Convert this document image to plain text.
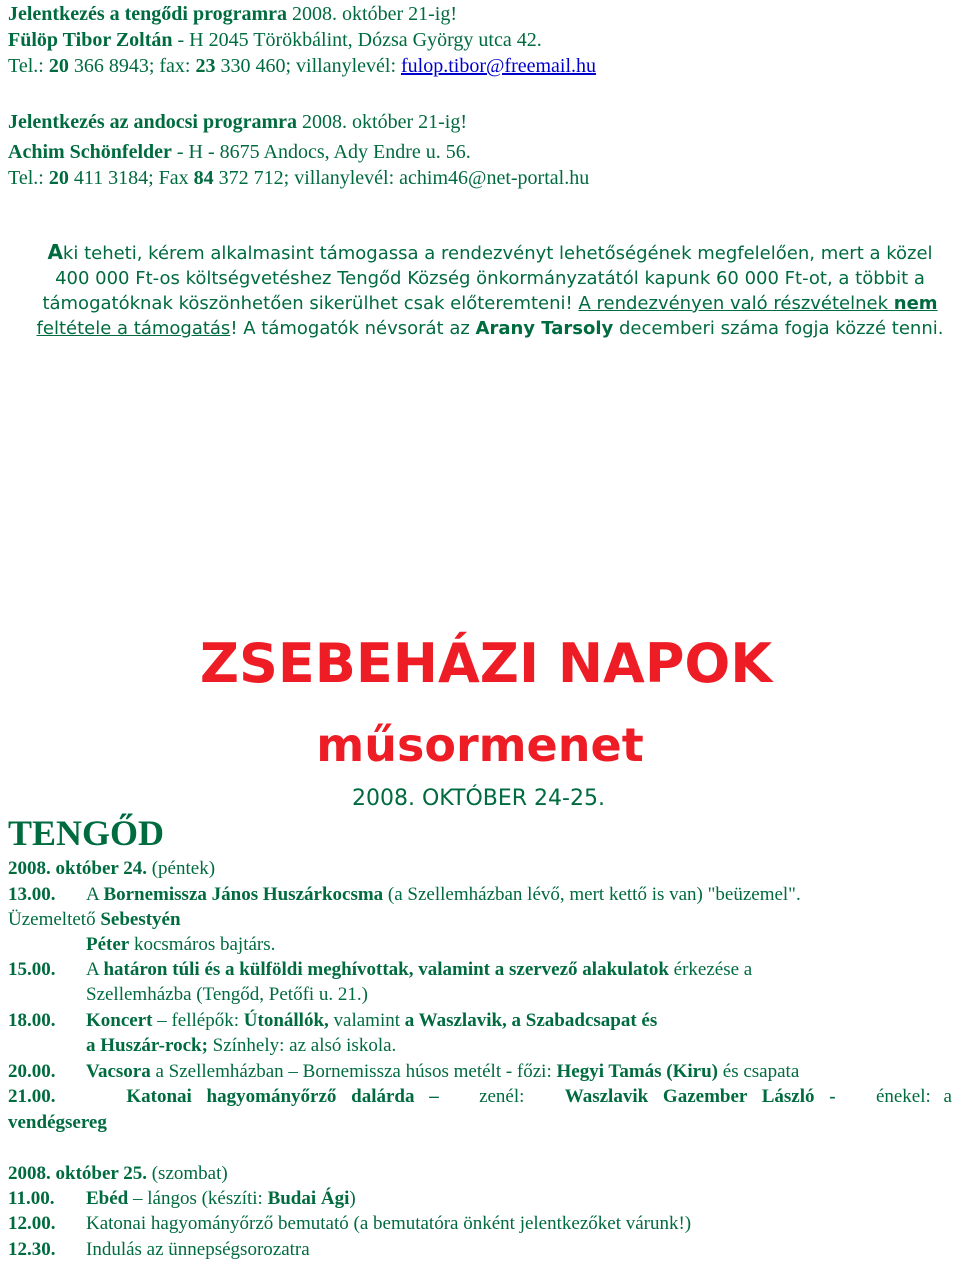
Jelentkezés a tengődi programra 2008. október 21-ig!
Fülöp Tibor Zoltán - H 2045 Törökbálint, Dózsa György utca 42.
Tel.: 20 366 8943; fax: 23 330 460; villanylevél: fulop.tibor@freemail.hu
Jelentkezés az andocsi programra 2008. október 21-ig!
Achim Schönfelder - H - 8675 Andocs, Ady Endre u. 56.
Tel.: 20 411 3184; Fax 84 372 712; villanylevél: achim46@net-portal.hu
Aki teheti, kérem alkalmasint támogassa a rendezvényt lehetőségének megfelelően, mert a közel 400 000 Ft-os költségvetéshez Tengőd Község önkormányzatától kapunk 60 000 Ft-ot, a többit a támogatóknak köszönhetően sikerülhet csak előteremteni! A rendezvényen való részvételnek nem feltétele a támogatás! A támogatók névsorát az Arany Tarsoly decemberi száma fogja közzé tenni.
ZSEBEHÁZI NAPOK
műsormenet
2008. OKTÓBER 24-25.
TENGŐD
2008. október 24. (péntek)
13.00. A Bornemissza János Huszárkocsma (a Szellemházban lévő, mert kettő is van) "beüzemel".
Üzemeltető Sebestyén
Péter kocsmáros bajtárs.
15.00. A határon túli és a külföldi meghívottak, valamint a szervező alakulatok érkezése a
Szellemházba (Tengőd, Petőfi u. 21.)
18.00. Koncert – fellépők: Útonállók, valamint a Waszlavik, a Szabadcsapat és
a Huszár-rock; Színhely: az alsó iskola.
20.00. Vacsora a Szellemházban – Bornemissza húsos metélt - főzi: Hegyi Tamás (Kiru) és csapata
21.00.	Katonai hagyományőrző dalárda – zenél: Waszlavik Gazember László - énekel: a
vendégsereg
2008. október 25. (szombat)
11.00. Ebéd – lángos (készíti: Budai Ági)
12.00. Katonai hagyományőrző bemutató (a bemutatóra önként jelentkezőket várunk!)
12.30. Indulás az ünnepségsorozatra
